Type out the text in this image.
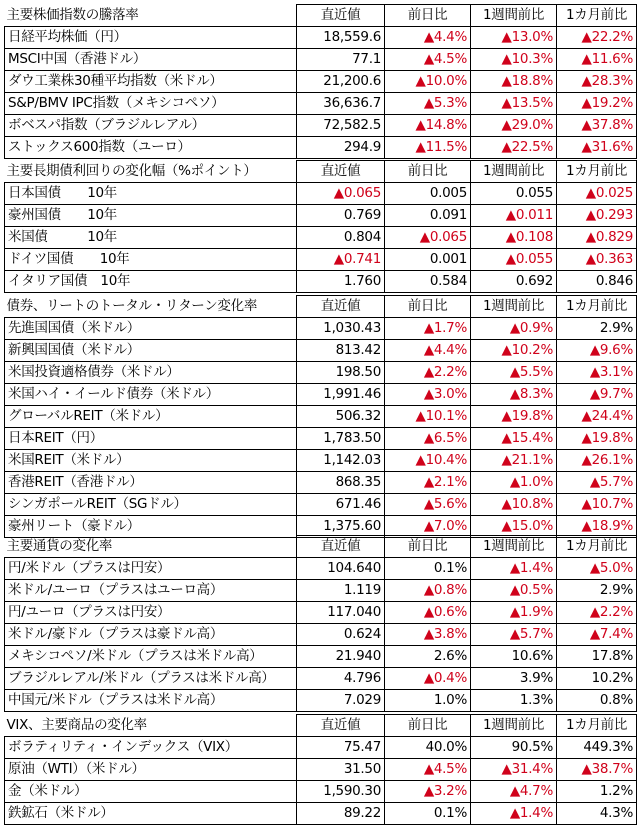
主要株価指数の騰落率	直近値	前日比	1週間前比	1カ月前比
日経平均株価（円）	18,559.6	▲4.4%	▲13.0%	▲22.2%
MSCI中国（香港ドル）	77.1	▲4.5%	▲10.3%	▲11.6%
ダウ工業株30種平均指数（米ドル）	21,200.6	▲10.0%	▲18.8%	▲28.3%
S&P/BMV IPC指数（メキシコペソ）	36,636.7	▲5.3%	▲13.5%	▲19.2%
ボベスパ指数（ブラジルレアル）	72,582.5	▲14.8%	▲29.0%	▲37.8%
ストックス600指数（ユーロ）	294.9	▲11.5%	▲22.5%	▲31.6%
主要長期債利回りの変化幅（%ポイント）	直近値	前日比	1週間前比	1カ月前比
日本国債　　10年	▲0.065	0.005	0.055	▲0.025
豪州国債　　10年	0.769	0.091	▲0.011	▲0.293
米国債　　　10年	0.804	▲0.065	▲0.108	▲0.829
ドイツ国債　　10年	▲0.741	0.001	▲0.055	▲0.363
イタリア国債　10年	1.760	0.584	0.692	0.846
債券、リートのトータル・リターン変化率	直近値	前日比	1週間前比	1カ月前比
先進国国債（米ドル）	1,030.43	▲1.7%	▲0.9%	2.9%
新興国国債（米ドル）	813.42	▲4.4%	▲10.2%	▲9.6%
米国投資適格債券（米ドル）	198.50	▲2.2%	▲5.5%	▲3.1%
米国ハイ・イールド債券（米ドル）	1,991.46	▲3.0%	▲8.3%	▲9.7%
グローバルREIT（米ドル）	506.32	▲10.1%	▲19.8%	▲24.4%
日本REIT（円）	1,783.50	▲6.5%	▲15.4%	▲19.8%
米国REIT（米ドル）	1,142.03	▲10.4%	▲21.1%	▲26.1%
香港REIT（香港ドル）	868.35	▲2.1%	▲1.0%	▲5.7%
シンガポールREIT（SGドル）	671.46	▲5.6%	▲10.8%	▲10.7%
豪州リート（豪ドル）	1,375.60	▲7.0%	▲15.0%	▲18.9%
主要通貨の変化率	直近値	前日比	1週間前比	1カ月前比
円/米ドル（プラスは円安）	104.640	0.1%	▲1.4%	▲5.0%
米ドル/ユーロ（プラスはユーロ高）	1.119	▲0.8%	▲0.5%	2.9%
円/ユーロ（プラスは円安）	117.040	▲0.6%	▲1.9%	▲2.2%
米ドル/豪ドル（プラスは豪ドル高）	0.624	▲3.8%	▲5.7%	▲7.4%
メキシコペソ/米ドル（プラスは米ドル高）	21.940	2.6%	10.6%	17.8%
ブラジルレアル/米ドル（プラスは米ドル高）	4.796	▲0.4%	3.9%	10.2%
中国元/米ドル（プラスは米ドル高）	7.029	1.0%	1.3%	0.8%
VIX、主要商品の変化率	直近値	前日比	1週間前比	1カ月前比
ボラティリティ・インデックス（VIX）	75.47	40.0%	90.5%	449.3%
原油（WTI）（米ドル）	31.50	▲4.5%	▲31.4%	▲38.7%
金（米ドル）	1,590.30	▲3.2%	▲4.7%	1.2%
鉄鉱石（米ドル）	89.22	0.1%	▲1.4%	4.3%
